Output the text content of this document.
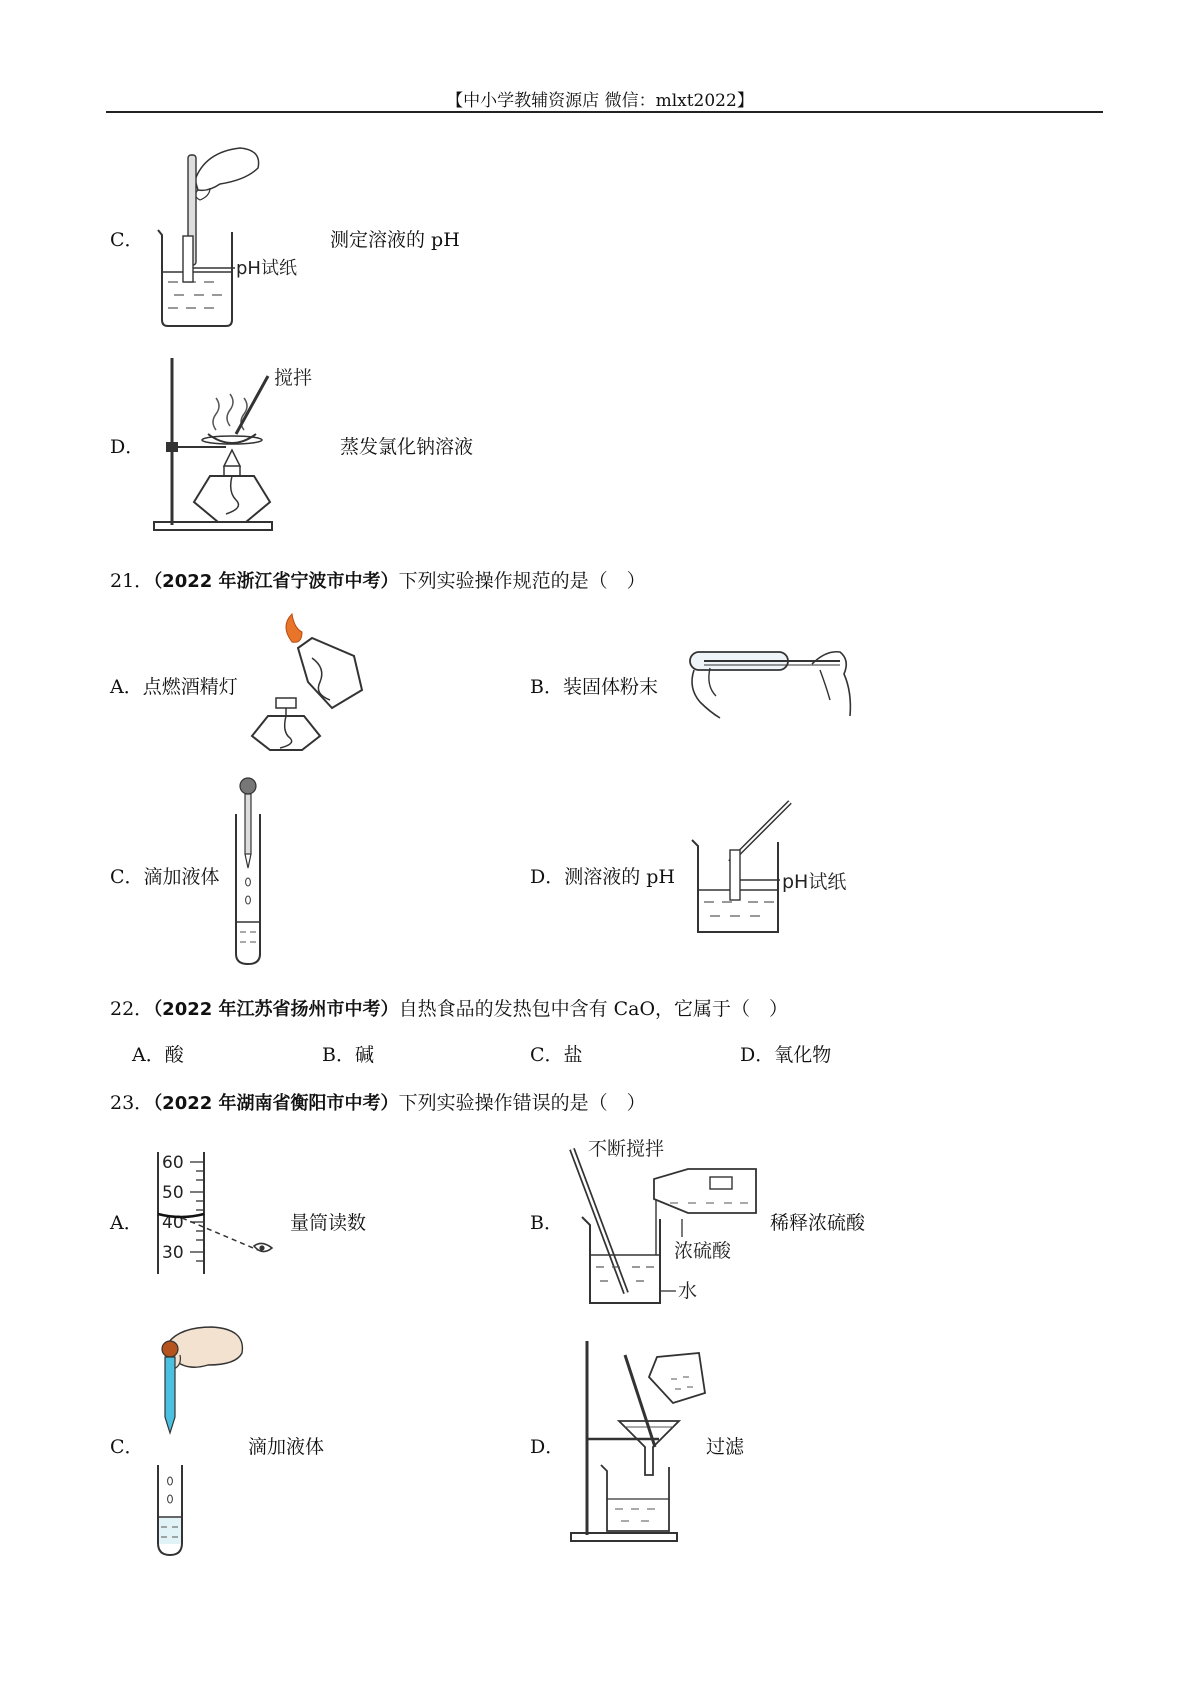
【中小学教辅资源店 微信：mlxt2022】
C．
pH试纸
测定溶液的 pH
D．
搅拌
蒸发氯化钠溶液
21．（2022 年浙江省宁波市中考）下列实验操作规范的是（　）
A．点燃酒精灯	B．装固体粉末
C．滴加液体	D．测溶液的 pH	pH试纸
22．（2022 年江苏省扬州市中考）自热食品的发热包中含有 CaO，它属于（　）
A．酸	B．碱	C．盐	D．氧化物
23．（2022 年湖南省衡阳市中考）下列实验操作错误的是（　）
A．
60
50
40
30
量筒读数	B．
不断搅拌
浓硫酸
水
稀释浓硫酸
C．	滴加液体	D．	过滤
